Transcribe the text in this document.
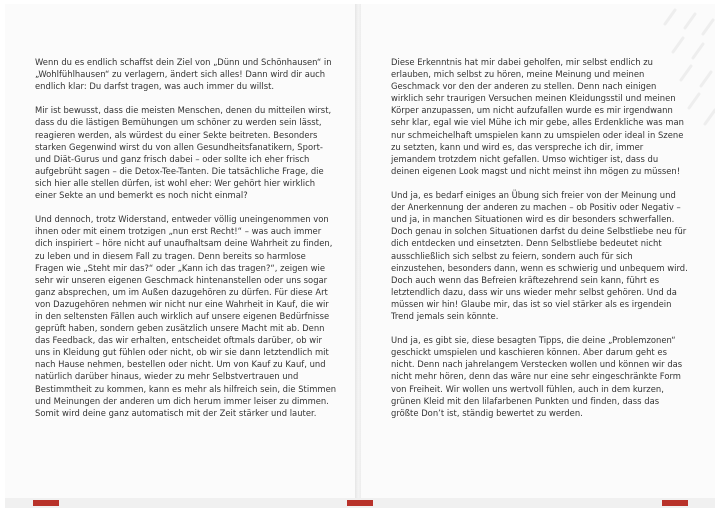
Wenn du es endlich schaffst dein Ziel von „Dünn und Schönhausen“ in „Wohlfühlhausen“ zu verlagern, ändert sich alles! Dann wird dir auch endlich klar: Du darfst tragen, was auch immer du willst.

Mir ist bewusst, dass die meisten Menschen, denen du mitteilen wirst, dass du die lästigen Bemühungen um schöner zu werden sein lässt, reagieren werden, als würdest du einer Sekte beitreten. Besonders starken Gegenwind wirst du von allen Gesundheitsfanatikern, Sport- und Diät-Gurus und ganz frisch dabei – oder sollte ich eher frisch aufgebrüht sagen – die Detox-Tee-Tanten. Die tatsächliche Frage, die sich hier alle stellen dürfen, ist wohl eher: Wer gehört hier wirklich einer Sekte an und bemerkt es noch nicht einmal?

Und dennoch, trotz Widerstand, entweder völlig uneingenommen von ihnen oder mit einem trotzigen „nun erst Recht!“ – was auch immer dich inspiriert – höre nicht auf unaufhaltsam deine Wahrheit zu finden, zu leben und in diesem Fall zu tragen. Denn bereits so harmlose Fragen wie „Steht mir das?“ oder „Kann ich das tragen?“, zeigen wie sehr wir unseren eigenen Geschmack hintenanstellen oder uns sogar ganz absprechen, um im Außen dazugehören zu dürfen. Für diese Art von Dazugehören nehmen wir nicht nur eine Wahrheit in Kauf, die wir in den seltensten Fällen auch wirklich auf unsere eigenen Bedürfnisse geprüft haben, sondern geben zusätzlich unsere Macht mit ab. Denn das Feedback, das wir erhalten, entscheidet oftmals darüber, ob wir uns in Kleidung gut fühlen oder nicht, ob wir sie dann letztendlich mit nach Hause nehmen, bestellen oder nicht. Um von Kauf zu Kauf, und natürlich darüber hinaus, wieder zu mehr Selbstvertrauen und Bestimmtheit zu kommen, kann es mehr als hilfreich sein, die Stimmen und Meinungen der anderen um dich herum immer leiser zu dimmen. Somit wird deine ganz automatisch mit der Zeit stärker und lauter.

Diese Erkenntnis hat mir dabei geholfen, mir selbst endlich zu erlauben, mich selbst zu hören, meine Meinung und meinen Geschmack vor den der anderen zu stellen. Denn nach einigen wirklich sehr traurigen Versuchen meinen Kleidungsstil und meinen Körper anzupassen, um nicht aufzufallen wurde es mir irgendwann sehr klar, egal wie viel Mühe ich mir gebe, alles Erdenkliche was man nur schmeichelhaft umspielen kann zu umspielen oder ideal in Szene zu setzten, kann und wird es, das verspreche ich dir, immer jemandem trotzdem nicht gefallen. Umso wichtiger ist, dass du deinen eigenen Look magst und nicht meinst ihn mögen zu müssen!

Und ja, es bedarf einiges an Übung sich freier von der Meinung und der Anerkennung der anderen zu machen – ob Positiv oder Negativ – und ja, in manchen Situationen wird es dir besonders schwerfallen. Doch genau in solchen Situationen darfst du deine Selbstliebe neu für dich entdecken und einsetzten. Denn Selbstliebe bedeutet nicht ausschließlich sich selbst zu feiern, sondern auch für sich einzustehen, besonders dann, wenn es schwierig und unbequem wird. Doch auch wenn das Befreien kräftezehrend sein kann, führt es letztendlich dazu, dass wir uns wieder mehr selbst gehören. Und da müssen wir hin! Glaube mir, das ist so viel stärker als es irgendein Trend jemals sein könnte.

Und ja, es gibt sie, diese besagten Tipps, die deine „Problemzonen“ geschickt umspielen und kaschieren können. Aber darum geht es nicht. Denn nach jahrelangem Verstecken wollen und können wir das nicht mehr hören, denn das wäre nur eine sehr eingeschränkte Form von Freiheit. Wir wollen uns wertvoll fühlen, auch in dem kurzen, grünen Kleid mit den lilafarbenen Punkten und finden, dass das größte Don’t ist, ständig bewertet zu werden.
